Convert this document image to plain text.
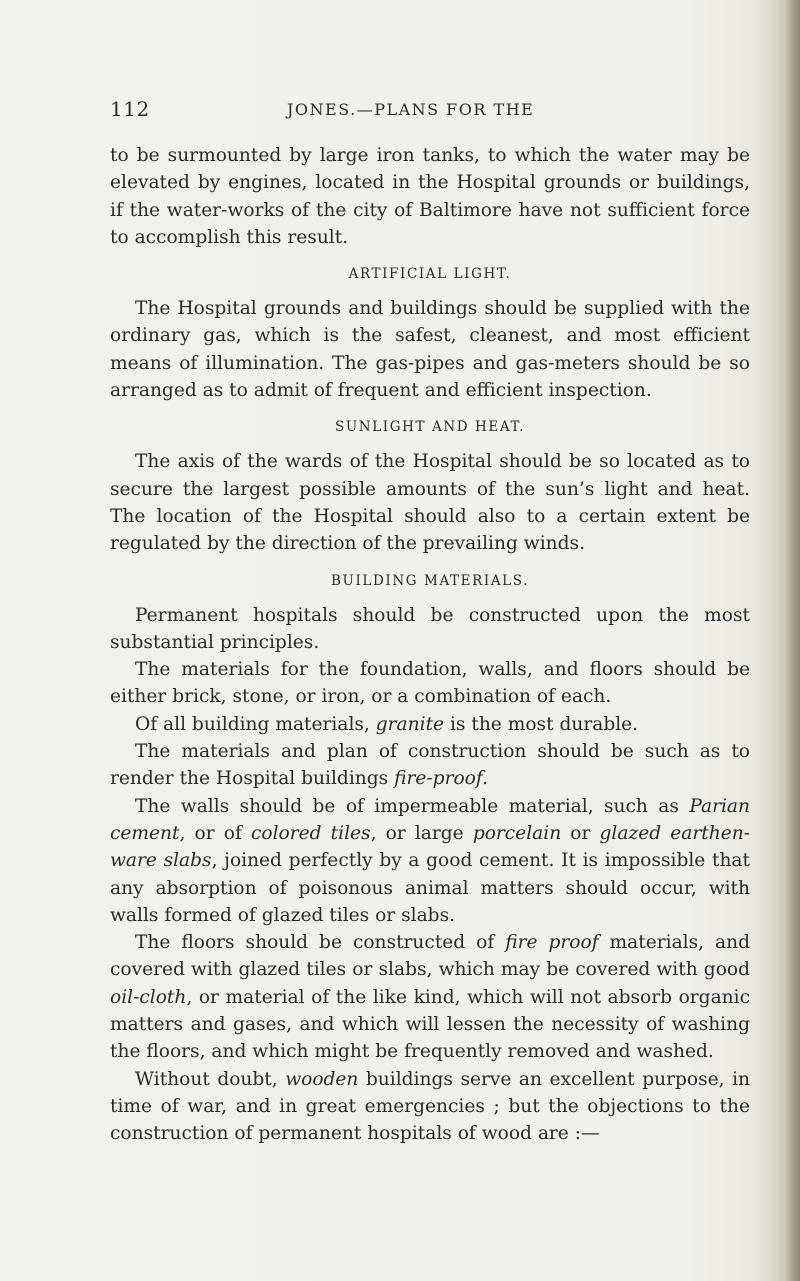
112	JONES.—PLANS FOR THE

to be surmounted by large iron tanks, to which the water may be elevated by engines, located in the Hospital grounds or buildings, if the water-works of the city of Baltimore have not sufficient force to accomplish this result.

ARTIFICIAL LIGHT.

The Hospital grounds and buildings should be supplied with the ordinary gas, which is the safest, cleanest, and most efficient means of illumination. The gas-pipes and gas-meters should be so arranged as to admit of frequent and efficient inspection.

SUNLIGHT AND HEAT.

The axis of the wards of the Hospital should be so located as to secure the largest possible amounts of the sun’s light and heat. The location of the Hospital should also to a certain extent be regulated by the direction of the prevailing winds.

BUILDING MATERIALS.

Permanent hospitals should be constructed upon the most substantial principles.

The materials for the foundation, walls, and floors should be either brick, stone, or iron, or a combination of each.

Of all building materials, granite is the most durable.

The materials and plan of construction should be such as to render the Hospital buildings fire-proof.

The walls should be of impermeable material, such as Parian cement, or of colored tiles, or large porcelain or glazed earthen-ware slabs, joined perfectly by a good cement. It is impossible that any absorption of poisonous animal matters should occur, with walls formed of glazed tiles or slabs.

The floors should be constructed of fire proof materials, and covered with glazed tiles or slabs, which may be covered with good oil-cloth, or material of the like kind, which will not absorb organic matters and gases, and which will lessen the necessity of washing the floors, and which might be frequently removed and washed.

Without doubt, wooden buildings serve an excellent purpose, in time of war, and in great emergencies ; but the objections to the construction of permanent hospitals of wood are :—
